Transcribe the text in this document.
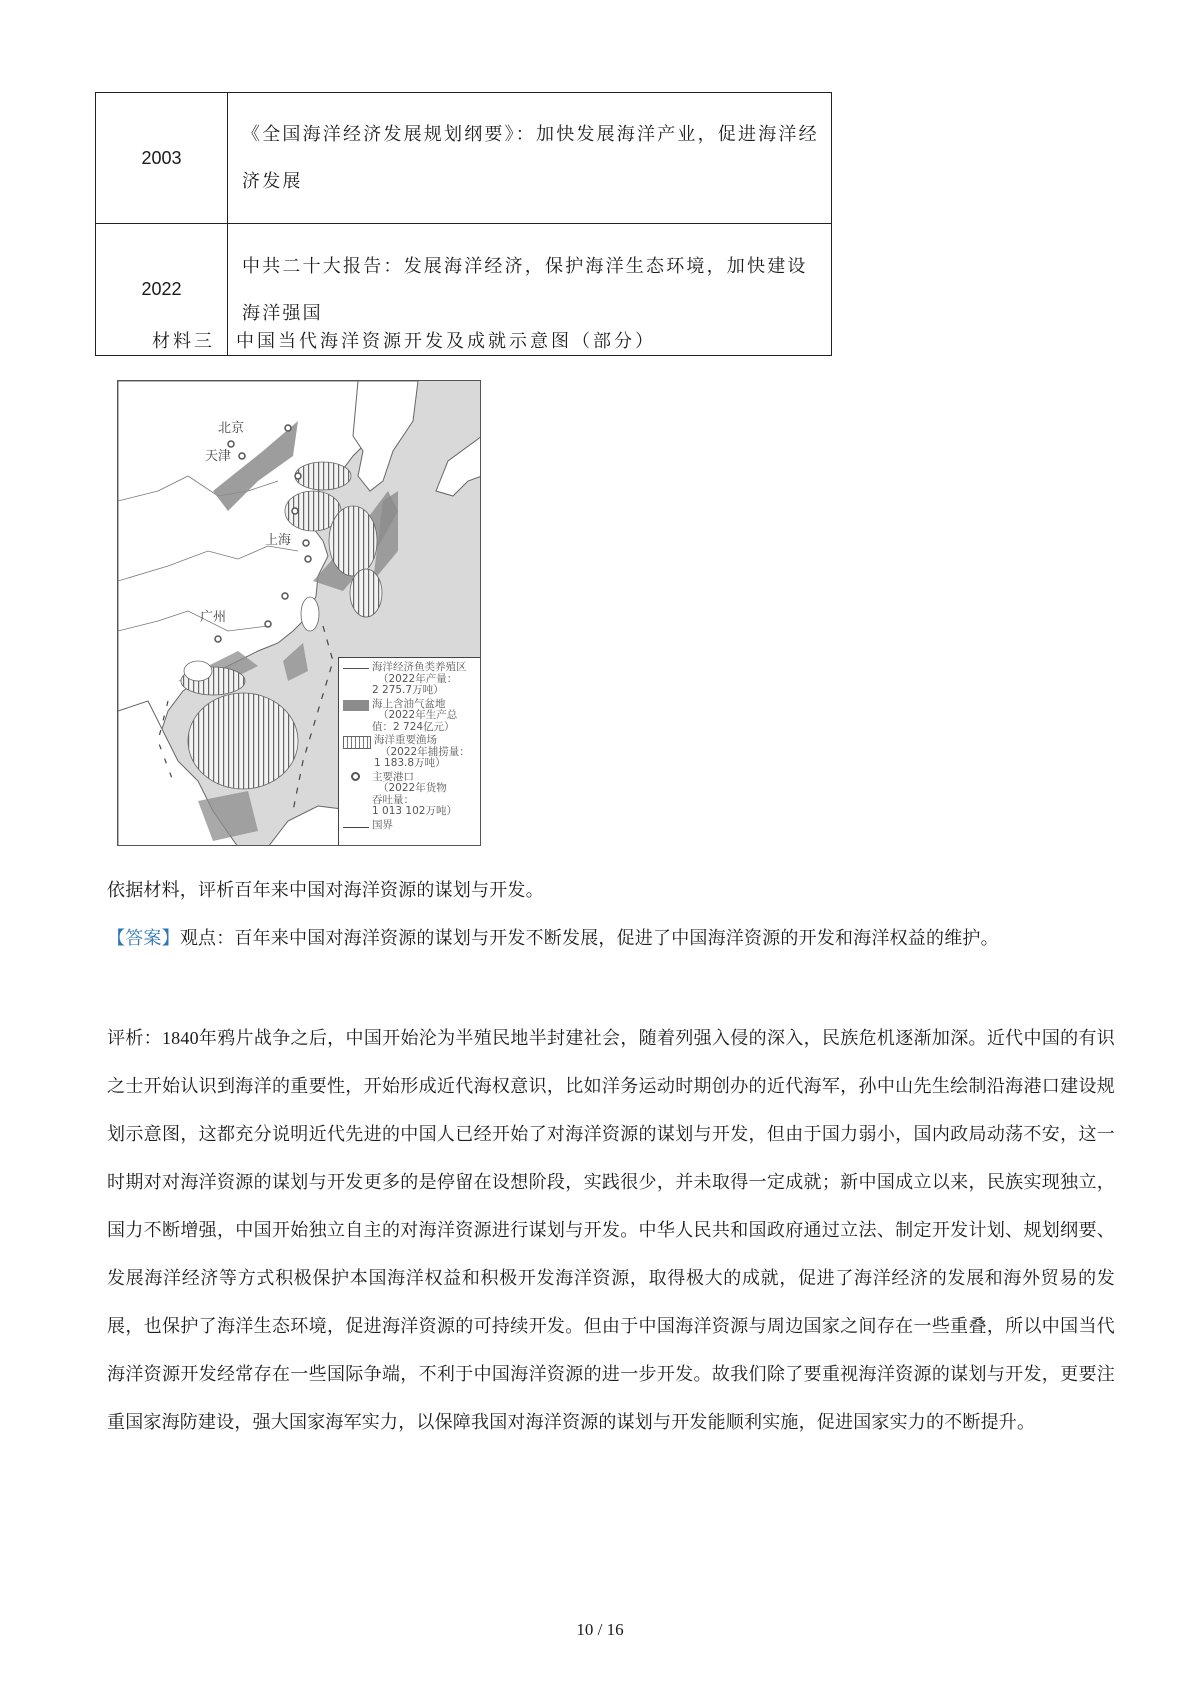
2003	《全国海洋经济发展规划纲要》：加快发展海洋产业，促进海洋经济发展
2022	中共二十大报告：发展海洋经济，保护海洋生态环境，加快建设海洋强国
材料三　中国当代海洋资源开发及成就示意图（部分）
北京
天津
上海
广州
海洋经济鱼类养殖区
（2022年产量：
2 275.7万吨）
海上含油气盆地
（2022年生产总
值：2 724亿元）
海洋重要渔场
（2022年捕捞量：
1 183.8万吨）
主要港口
（2022年货物
吞吐量：
1 013 102万吨）
国界
依据材料，评析百年来中国对海洋资源的谋划与开发。
【答案】观点：百年来中国对海洋资源的谋划与开发不断发展，促进了中国海洋资源的开发和海洋权益的维护。
评析：1840年鸦片战争之后，中国开始沦为半殖民地半封建社会，随着列强入侵的深入，民族危机逐渐加深。近代中国的有识之士开始认识到海洋的重要性，开始形成近代海权意识，比如洋务运动时期创办的近代海军，孙中山先生绘制沿海港口建设规划示意图，这都充分说明近代先进的中国人已经开始了对海洋资源的谋划与开发，但由于国力弱小，国内政局动荡不安，这一时期对对海洋资源的谋划与开发更多的是停留在设想阶段，实践很少，并未取得一定成就；新中国成立以来，民族实现独立，国力不断增强，中国开始独立自主的对海洋资源进行谋划与开发。中华人民共和国政府通过立法、制定开发计划、规划纲要、发展海洋经济等方式积极保护本国海洋权益和积极开发海洋资源，取得极大的成就，促进了海洋经济的发展和海外贸易的发展，也保护了海洋生态环境，促进海洋资源的可持续开发。但由于中国海洋资源与周边国家之间存在一些重叠，所以中国当代海洋资源开发经常存在一些国际争端，不利于中国海洋资源的进一步开发。故我们除了要重视海洋资源的谋划与开发，更要注重国家海防建设，强大国家海军实力，以保障我国对海洋资源的谋划与开发能顺利实施，促进国家实力的不断提升。
10 / 16
